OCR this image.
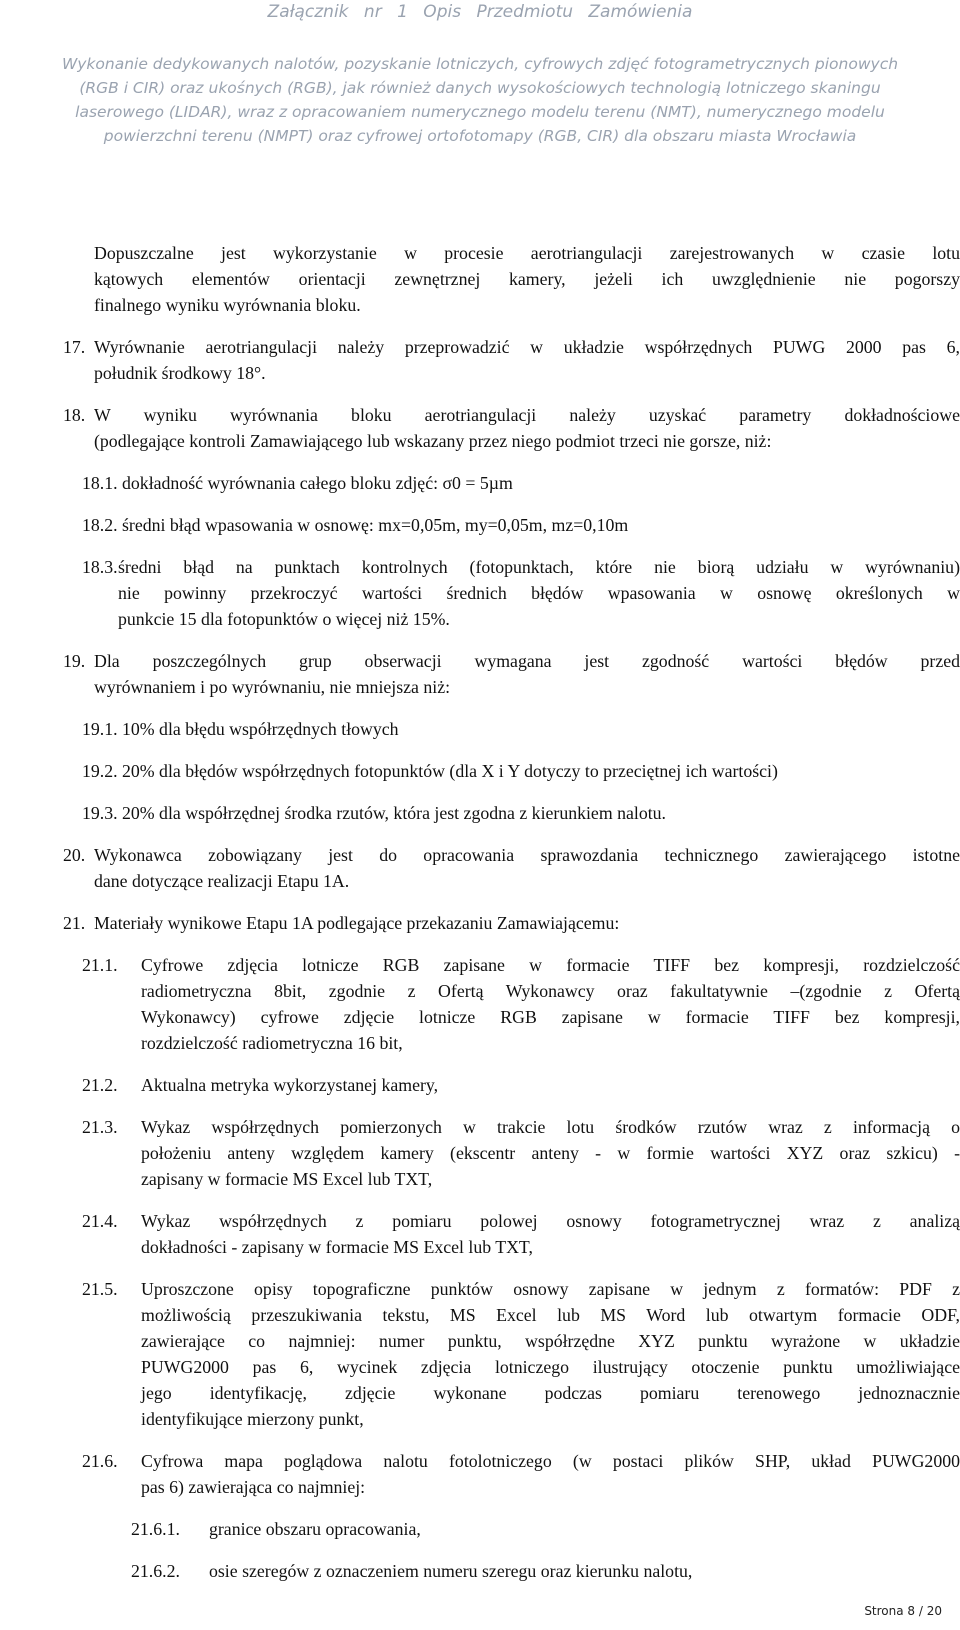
Załącznik nr 1 Opis Przedmiotu Zamówienia
Wykonanie dedykowanych nalotów, pozyskanie lotniczych, cyfrowych zdjęć fotogrametrycznych pionowych
(RGB i CIR) oraz ukośnych (RGB), jak również danych wysokościowych technologią lotniczego skaningu
laserowego (LIDAR), wraz z opracowaniem numerycznego modelu terenu (NMT), numerycznego modelu
powierzchni terenu (NMPT) oraz cyfrowej ortofotomapy (RGB, CIR) dla obszaru miasta Wrocławia
Dopuszczalne jest wykorzystanie w procesie aerotriangulacji zarejestrowanych w czasie lotu
kątowych elementów orientacji zewnętrznej kamery, jeżeli ich uwzględnienie nie pogorszy
finalnego wyniku wyrównania bloku.
17. Wyrównanie aerotriangulacji należy przeprowadzić w układzie współrzędnych PUWG 2000 pas 6,
południk środkowy 18°.
18. W wyniku wyrównania bloku aerotriangulacji należy uzyskać parametry dokładnościowe
(podlegające kontroli Zamawiającego lub wskazany przez niego podmiot trzeci nie gorsze, niż:
18.1.
dokładność wyrównania całego bloku zdjęć: σ0 = 5µm
18.2.
średni błąd wpasowania w osnowę: mx=0,05m, my=0,05m, mz=0,10m
18.3. średni błąd na punktach kontrolnych (fotopunktach, które nie biorą udziału w wyrównaniu)
nie powinny przekroczyć wartości średnich błędów wpasowania w osnowę określonych w
punkcie 15 dla fotopunktów o więcej niż 15%.
19. Dla poszczególnych grup obserwacji wymagana jest zgodność wartości błędów przed
wyrównaniem i po wyrównaniu, nie mniejsza niż:
19.1.
10% dla błędu współrzędnych tłowych
19.2.
20% dla błędów współrzędnych fotopunktów (dla X i Y dotyczy to przeciętnej ich wartości)
19.3.
20% dla współrzędnej środka rzutów, która jest zgodna z kierunkiem nalotu.
20. Wykonawca zobowiązany jest do opracowania sprawozdania technicznego zawierającego istotne
dane dotyczące realizacji Etapu 1A.
21. Materiały wynikowe Etapu 1A podlegające przekazaniu Zamawiającemu:
21.1.	Cyfrowe zdjęcia lotnicze RGB zapisane w formacie TIFF bez kompresji, rozdzielczość
radiometryczna 8bit, zgodnie z Ofertą Wykonawcy oraz fakultatywnie –(zgodnie z Ofertą
Wykonawcy) cyfrowe zdjęcie lotnicze RGB zapisane w formacie TIFF bez kompresji,
rozdzielczość radiometryczna 16 bit,
21.2.	Aktualna metryka wykorzystanej kamery,
21.3.	Wykaz współrzędnych pomierzonych w trakcie lotu środków rzutów wraz z informacją o
położeniu anteny względem kamery (ekscentr anteny - w formie wartości XYZ oraz szkicu) -
zapisany w formacie MS Excel lub TXT,
21.4.	Wykaz współrzędnych z pomiaru polowej osnowy fotogrametrycznej wraz z analizą
dokładności - zapisany w formacie MS Excel lub TXT,
21.5.	Uproszczone opisy topograficzne punktów osnowy zapisane w jednym z formatów: PDF z
możliwością przeszukiwania tekstu, MS Excel lub MS Word lub otwartym formacie ODF,
zawierające co najmniej: numer punktu, współrzędne XYZ punktu wyrażone w układzie
PUWG2000 pas 6, wycinek zdjęcia lotniczego ilustrujący otoczenie punktu umożliwiające
jego identyfikację, zdjęcie wykonane podczas pomiaru terenowego jednoznacznie
identyfikujące mierzony punkt,
21.6.	Cyfrowa mapa poglądowa nalotu fotolotniczego (w postaci plików SHP, układ PUWG2000
pas 6) zawierająca co najmniej:
21.6.1.	granice obszaru opracowania,
21.6.2.	osie szeregów z oznaczeniem numeru szeregu oraz kierunku nalotu,
Strona 8 / 20
